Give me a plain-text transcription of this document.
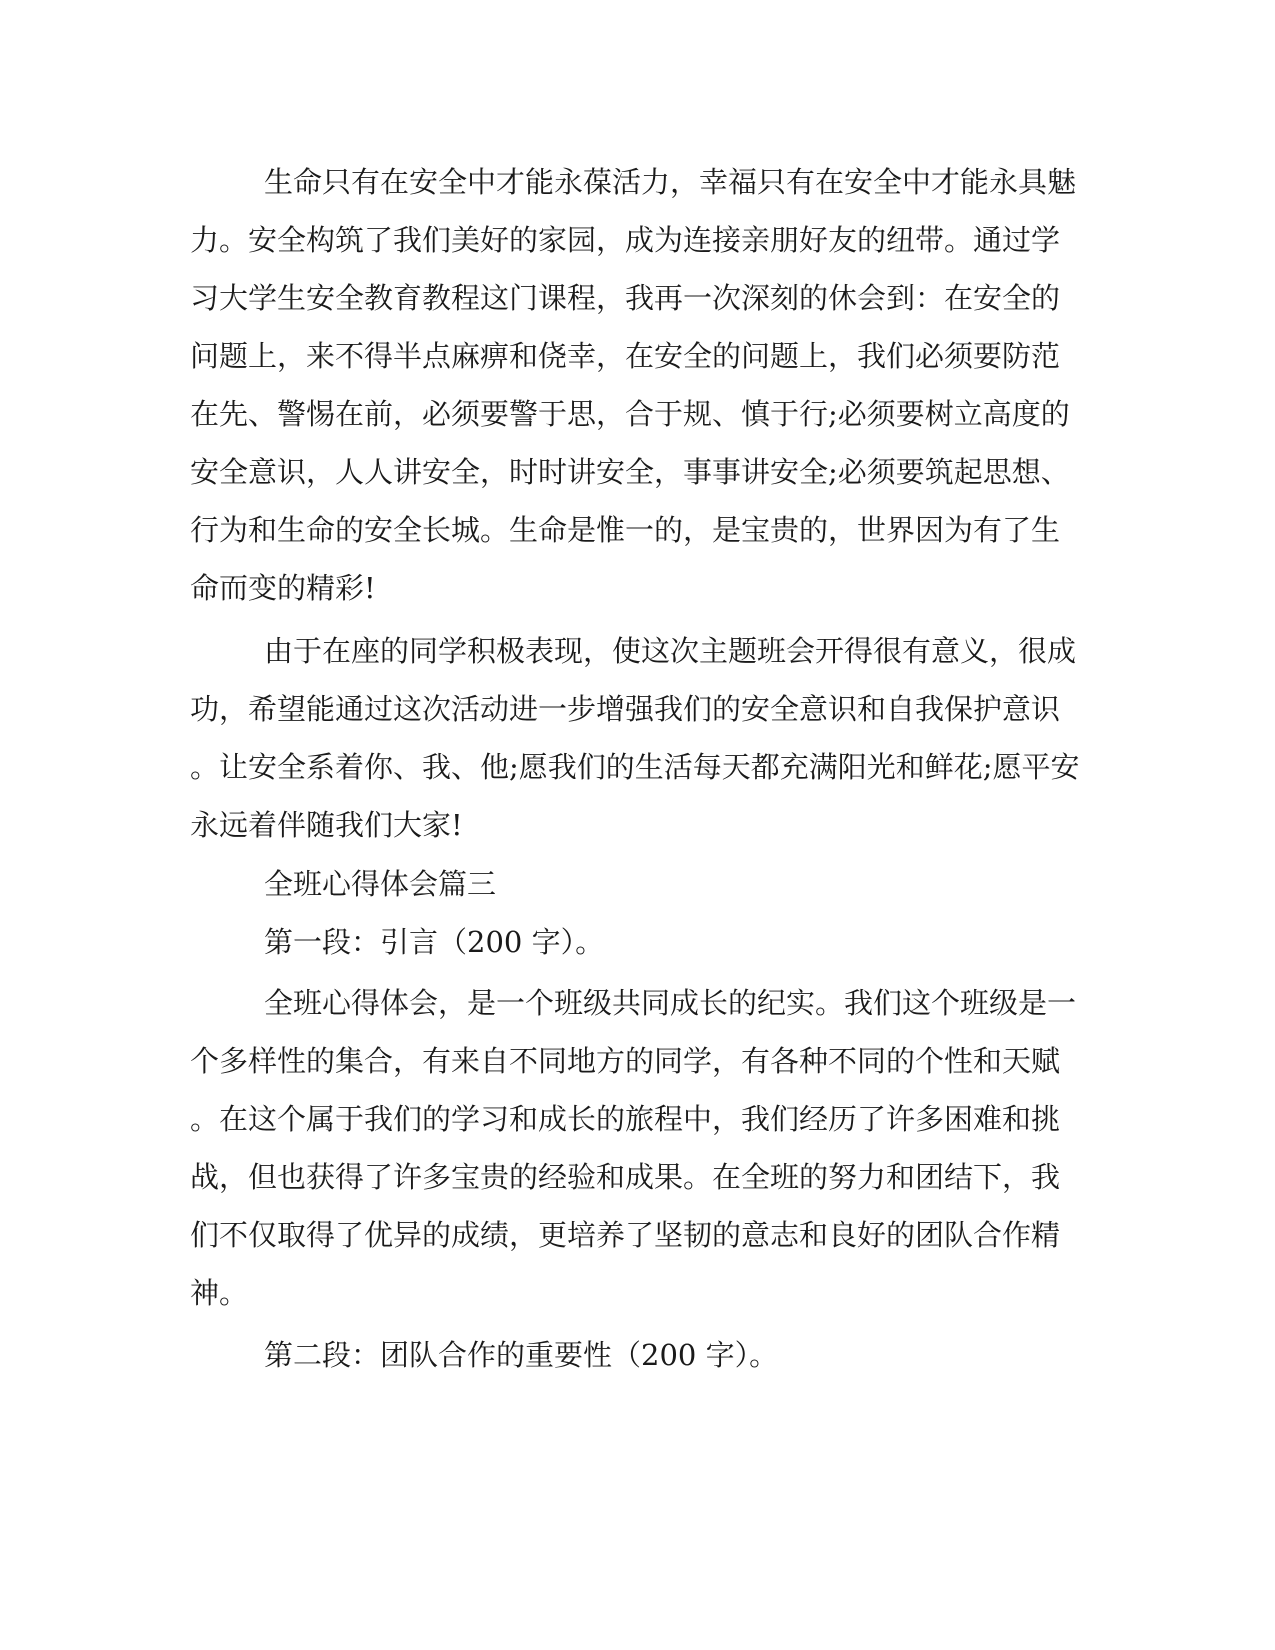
生命只有在安全中才能永葆活力，幸福只有在安全中才能永具魅
力。安全构筑了我们美好的家园，成为连接亲朋好友的纽带。通过学
习大学生安全教育教程这门课程，我再一次深刻的休会到：在安全的
问题上，来不得半点麻痹和侥幸，在安全的问题上，我们必须要防范
在先、警惕在前，必须要警于思，合于规、慎于行;必须要树立高度的
安全意识，人人讲安全，时时讲安全，事事讲安全;必须要筑起思想、
行为和生命的安全长城。生命是惟一的，是宝贵的，世界因为有了生
命而变的精彩!
由于在座的同学积极表现，使这次主题班会开得很有意义，很成
功，希望能通过这次活动进一步增强我们的安全意识和自我保护意识
。让安全系着你、我、他;愿我们的生活每天都充满阳光和鲜花;愿平安
永远着伴随我们大家!
全班心得体会篇三
第一段：引言（200 字）。
全班心得体会，是一个班级共同成长的纪实。我们这个班级是一
个多样性的集合，有来自不同地方的同学，有各种不同的个性和天赋
。在这个属于我们的学习和成长的旅程中，我们经历了许多困难和挑
战，但也获得了许多宝贵的经验和成果。在全班的努力和团结下，我
们不仅取得了优异的成绩，更培养了坚韧的意志和良好的团队合作精
神。
第二段：团队合作的重要性（200 字）。
